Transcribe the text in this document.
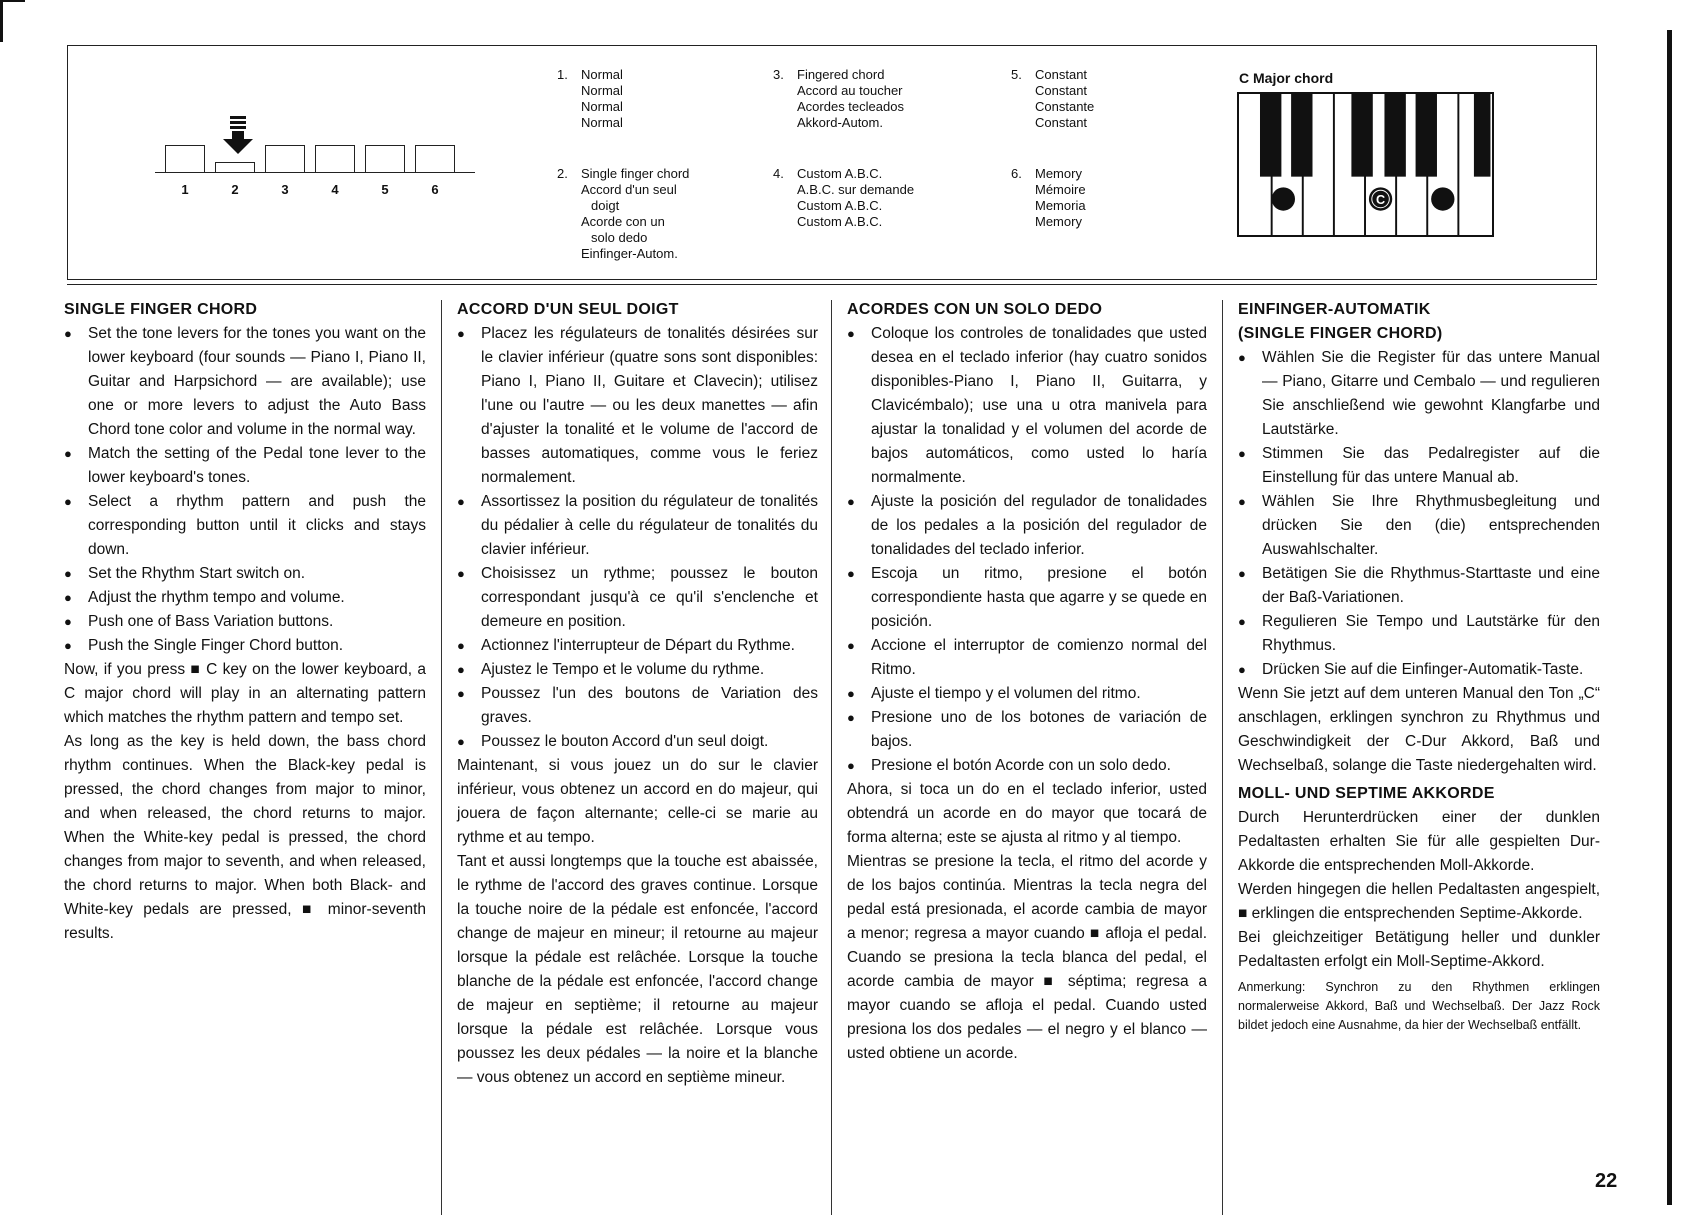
1	2	3	4	5	6
1. Normal
Normal
Normal
Normal
2. Single finger chord
Accord d'un seul
doigt
Acorde con un
solo dedo
Einfinger-Autom.
3. Fingered chord
Accord au toucher
Acordes tecleados
Akkord-Autom.
4. Custom A.B.C.
A.B.C. sur demande
Custom A.B.C.
Custom A.B.C.
5. Constant
Constant
Constante
Constant
6. Memory
Mémoire
Memoria
Memory
C Major chord
C
SINGLE FINGER CHORD
● Set the tone levers for the tones you want on the lower keyboard (four sounds — Piano I, Piano II, Guitar and Harpsichord — are available); use one or more levers to adjust the Auto Bass Chord tone color and volume in the normal way.
● Match the setting of the Pedal tone lever to the lower keyboard's tones.
● Select a rhythm pattern and push the corresponding button until it clicks and stays down.
● Set the Rhythm Start switch on.
● Adjust the rhythm tempo and volume.
● Push one of Bass Variation buttons.
● Push the Single Finger Chord button.

Now, if you press ■ C key on the lower keyboard, a C major chord will play in an alternating pattern which matches the rhythm pattern and tempo set.

As long as the key is held down, the bass chord rhythm continues. When the Black-key pedal is pressed, the chord changes from major to minor, and when released, the chord returns to major. When the White-key pedal is pressed, the chord changes from major to seventh, and when released, the chord returns to major. When both Black- and White-key pedals are pressed, ■ minor-seventh results.

ACCORD D'UN SEUL DOIGT
● Placez les régulateurs de tonalités désirées sur le clavier inférieur (quatre sons sont disponibles: Piano I, Piano II, Guitare et Clavecin); utilisez l'une ou l'autre — ou les deux manettes — afin d'ajuster la tonalité et le volume de l'accord de basses automatiques, comme vous le feriez normalement.
● Assortissez la position du régulateur de tonalités du pédalier à celle du régulateur de tonalités du clavier inférieur.
● Choisissez un rythme; poussez le bouton correspondant jusqu'à ce qu'il s'enclenche et demeure en position.
● Actionnez l'interrupteur de Départ du Rythme.
● Ajustez le Tempo et le volume du rythme.
● Poussez l'un des boutons de Variation des graves.
● Poussez le bouton Accord d'un seul doigt.

Maintenant, si vous jouez un do sur le clavier inférieur, vous obtenez un accord en do majeur, qui jouera de façon alternante; celle-ci se marie au rythme et au tempo.

Tant et aussi longtemps que la touche est abaissée, le rythme de l'accord des graves continue. Lorsque la touche noire de la pédale est enfoncée, l'accord change de majeur en mineur; il retourne au majeur lorsque la pédale est relâchée. Lorsque la touche blanche de la pédale est enfoncée, l'accord change de majeur en septième; il retourne au majeur lorsque la pédale est relâchée. Lorsque vous poussez les deux pédales — la noire et la blanche — vous obtenez un accord en septième mineur.

ACORDES CON UN SOLO DEDO
● Coloque los controles de tonalidades que usted desea en el teclado inferior (hay cuatro sonidos disponibles-Piano I, Piano II, Guitarra, y Clavicémbalo); use una u otra manivela para ajustar la tonalidad y el volumen del acorde de bajos automáticos, como usted lo haría normalmente.
● Ajuste la posición del regulador de tonalidades de los pedales a la posición del regulador de tonalidades del teclado inferior.
● Escoja un ritmo, presione el botón correspondiente hasta que agarre y se quede en posición.
● Accione el interruptor de comienzo normal del Ritmo.
● Ajuste el tiempo y el volumen del ritmo.
● Presione uno de los botones de variación de bajos.
● Presione el botón Acorde con un solo dedo.

Ahora, si toca un do en el teclado inferior, usted obtendrá un acorde en do mayor que tocará de forma alterna; este se ajusta al ritmo y al tiempo.

Mientras se presione la tecla, el ritmo del acorde y de los bajos continúa. Mientras la tecla negra del pedal está presionada, el acorde cambia de mayor a menor; regresa a mayor cuando ■ afloja el pedal. Cuando se presiona la tecla blanca del pedal, el acorde cambia de mayor ■ séptima; regresa a mayor cuando se afloja el pedal. Cuando usted presiona los dos pedales — el negro y el blanco — usted obtiene un acorde.

EINFINGER-AUTOMATIK
(SINGLE FINGER CHORD)
● Wählen Sie die Register für das untere Manual — Piano, Gitarre und Cembalo — und regulieren Sie anschließend wie gewohnt Klangfarbe und Lautstärke.
● Stimmen Sie das Pedalregister auf die Einstellung für das untere Manual ab.
● Wählen Sie Ihre Rhythmusbegleitung und drücken Sie den (die) entsprechenden Auswahlschalter.
● Betätigen Sie die Rhythmus-Starttaste und eine der Baß-Variationen.
● Regulieren Sie Tempo und Lautstärke für den Rhythmus.
● Drücken Sie auf die Einfinger-Automatik-Taste.

Wenn Sie jetzt auf dem unteren Manual den Ton „C“ anschlagen, erklingen synchron zu Rhythmus und Geschwindigkeit der C-Dur Akkord, Baß und Wechselbaß, solange die Taste niedergehalten wird.

MOLL- UND SEPTIME AKKORDE

Durch Herunterdrücken einer der dunklen Pedaltasten erhalten Sie für alle gespielten Dur-Akkorde die entsprechenden Moll-Akkorde.

Werden hingegen die hellen Pedaltasten angespielt, ■ erklingen die entsprechenden Septime-Akkorde.

Bei gleichzeitiger Betätigung heller und dunkler Pedaltasten erfolgt ein Moll-Septime-Akkord.

Anmerkung: Synchron zu den Rhythmen erklingen normalerweise Akkord, Baß und Wechselbaß. Der Jazz Rock bildet jedoch eine Ausnahme, da hier der Wechselbaß entfällt.

22
